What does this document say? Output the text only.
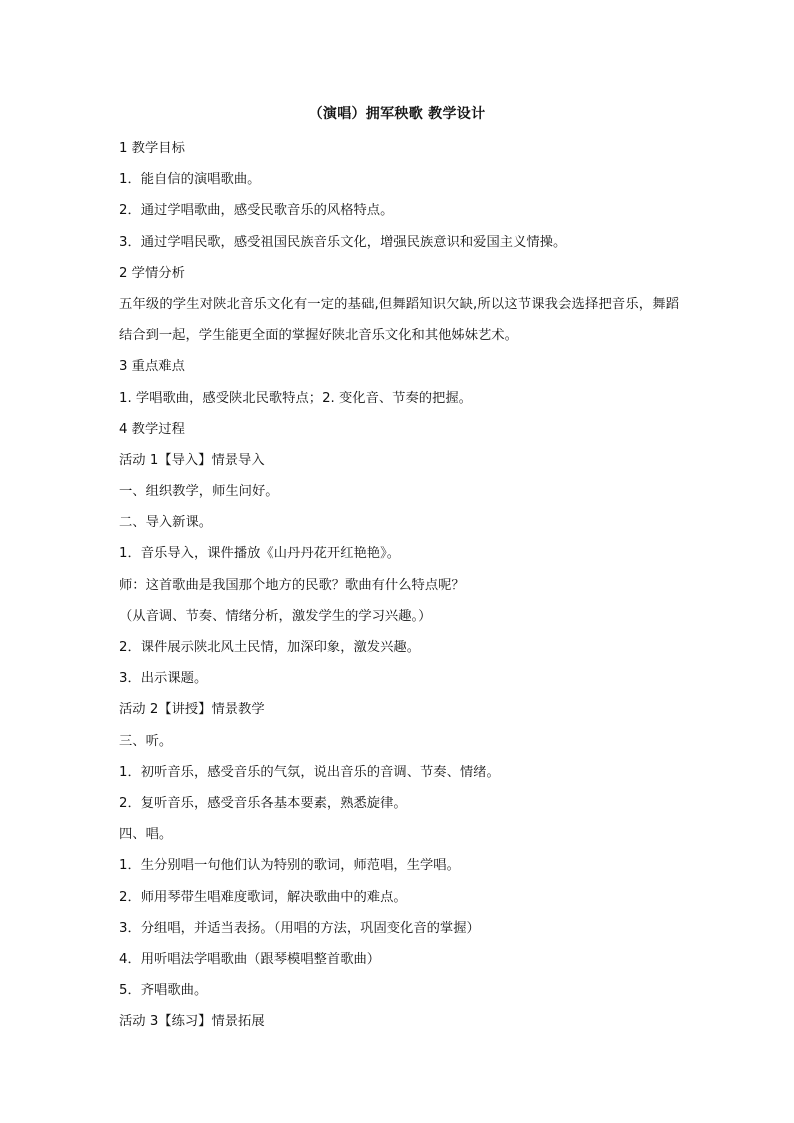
（演唱）拥军秧歌 教学设计
1 教学目标
1．能自信的演唱歌曲。
2．通过学唱歌曲，感受民歌音乐的风格特点。
3．通过学唱民歌，感受祖国民族音乐文化，增强民族意识和爱国主义情操。
2 学情分析
五年级的学生对陕北音乐文化有一定的基础,但舞蹈知识欠缺,所以这节课我会选择把音乐，舞蹈结合到一起，学生能更全面的掌握好陕北音乐文化和其他姊妹艺术。
3 重点难点
1. 学唱歌曲，感受陕北民歌特点；2. 变化音、节奏的把握。
4 教学过程
活动 1【导入】情景导入
一、组织教学，师生问好。
二、导入新课。
1．音乐导入，课件播放《山丹丹花开红艳艳》。
师：这首歌曲是我国那个地方的民歌？歌曲有什么特点呢？
（从音调、节奏、情绪分析，激发学生的学习兴趣。）
2．课件展示陕北风土民情，加深印象，激发兴趣。
3．出示课题。
活动 2【讲授】情景教学
三、听。
1．初听音乐，感受音乐的气氛，说出音乐的音调、节奏、情绪。
2．复听音乐，感受音乐各基本要素，熟悉旋律。
四、唱。
1．生分别唱一句他们认为特别的歌词，师范唱，生学唱。
2．师用琴带生唱难度歌词，解决歌曲中的难点。
3．分组唱，并适当表扬。（用唱的方法，巩固变化音的掌握）
4．用听唱法学唱歌曲（跟琴模唱整首歌曲）
5．齐唱歌曲。
活动 3【练习】情景拓展
